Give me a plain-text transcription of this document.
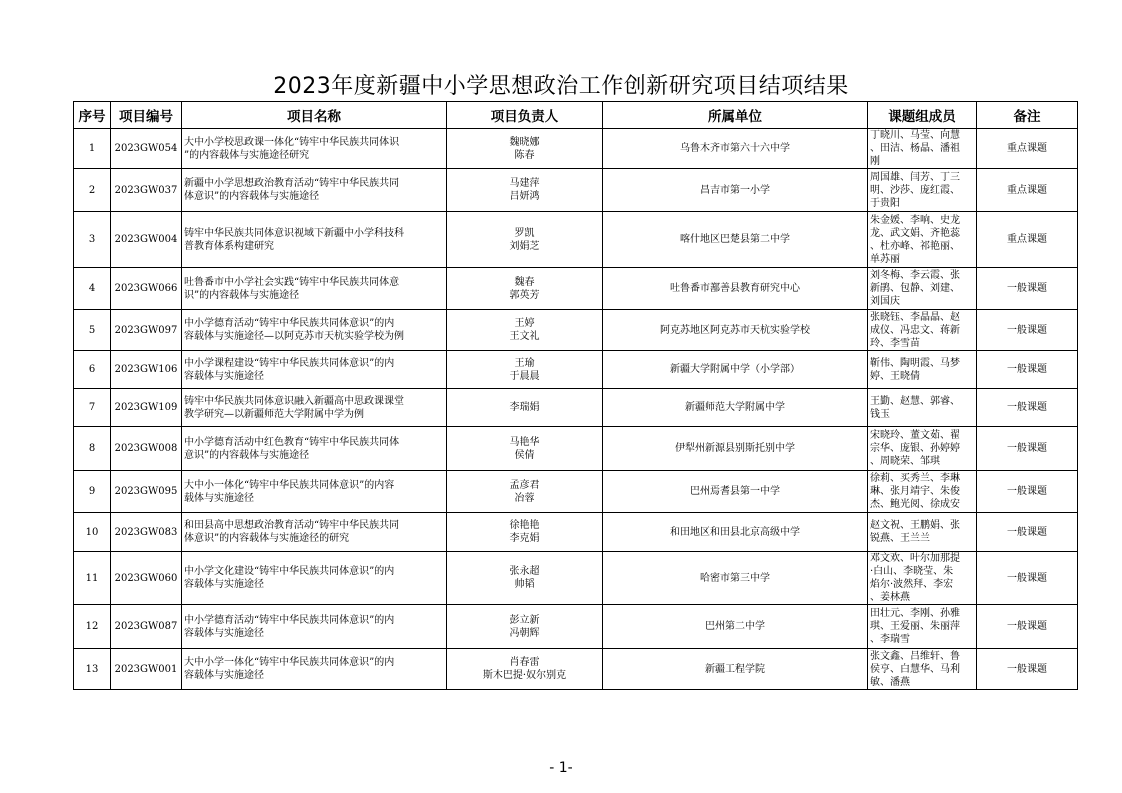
2023年度新疆中小学思想政治工作创新研究项目结项结果
序号	项目编号	项目名称	项目负责人	所属单位	课题组成员	备注
1	2023GW054	大中小学校思政课一体化“铸牢中华民族共同体识
”的内容载体与实施途径研究	魏晓娜
陈春	乌鲁木齐市第六十六中学	丁晓川、马莹、向慧
、田洁、杨晶、潘祖
刚	重点课题
2	2023GW037	新疆中小学思想政治教育活动“铸牢中华民族共同
体意识”的内容载体与实施途径	马建萍
吕妍鸿	昌吉市第一小学	周国雄、闫芳、丁三
明、沙莎、庞红霞、
于贵阳	重点课题
3	2023GW004	铸牢中华民族共同体意识视域下新疆中小学科技科
普教育体系构建研究	罗凯
刘娟芝	喀什地区巴楚县第二中学	朱金媛、李响、史龙
龙、武文娟、齐艳蕊
、杜亦峰、祁艳丽、
单苏丽	重点课题
4	2023GW066	吐鲁番市中小学社会实践“铸牢中华民族共同体意
识”的内容载体与实施途径	魏春
郭英芳	吐鲁番市鄯善县教育研究中心	刘冬梅、李云霞、张
新鹃、包静、刘建、
刘国庆	一般课题
5	2023GW097	中小学德育活动“铸牢中华民族共同体意识”的内
容载体与实施途径—以阿克苏市天杭实验学校为例	王婷
王文礼	阿克苏地区阿克苏市天杭实验学校	张晓钰、李晶晶、赵
成仪、冯忠文、蒋新
玲、李雪苗	一般课题
6	2023GW106	中小学课程建设“铸牢中华民族共同体意识”的内
容载体与实施途径	王瑜
于晨晨	新疆大学附属中学（小学部）	靳伟、陶明霞、马梦
婷、王晓倩	一般课题
7	2023GW109	铸牢中华民族共同体意识融入新疆高中思政课课堂
教学研究—以新疆师范大学附属中学为例	李瑞娟	新疆师范大学附属中学	王勤、赵慧、郭睿、
钱玉	一般课题
8	2023GW008	中小学德育活动中红色教育“铸牢中华民族共同体
意识”的内容载体与实施途径	马艳华
侯倩	伊犁州新源县别斯托别中学	宋晓玲、董文茹、翟
宗华、庞银、孙婷婷
、周晓荣、邹琪	一般课题
9	2023GW095	大中小一体化“铸牢中华民族共同体意识”的内容
载体与实施途径	孟彦君
冶蓉	巴州焉耆县第一中学	徐莉、买秀兰、李琳
琳、张月靖宇、朱俊
杰、鲍光阅、徐成安	一般课题
10	2023GW083	和田县高中思想政治教育活动“铸牢中华民族共同
体意识”的内容载体与实施途径的研究	徐艳艳
李克娟	和田地区和田县北京高级中学	赵文祝、王鹏娟、张
锐燕、王兰兰	一般课题
11	2023GW060	中小学文化建设“铸牢中华民族共同体意识”的内
容载体与实施途径	张永超
帅韬	哈密市第三中学	邓文欢、叶尔加那提
·白山、李晓莹、朱
焰尔·波然拜、李宏
、姜林燕	一般课题
12	2023GW087	中小学德育活动“铸牢中华民族共同体意识”的内
容载体与实施途径	彭立新
冯朝辉	巴州第二中学	田壮元、李刚、孙雅
琪、王爱丽、朱丽萍
、李瑞雪	一般课题
13	2023GW001	大中小学一体化“铸牢中华民族共同体意识”的内
容载体与实施途径	肖春雷
斯木巴提·奴尔别克	新疆工程学院	张文鑫、吕维轩、鲁
侯亨、白慧华、马利
敏、潘燕	一般课题
- 1-
